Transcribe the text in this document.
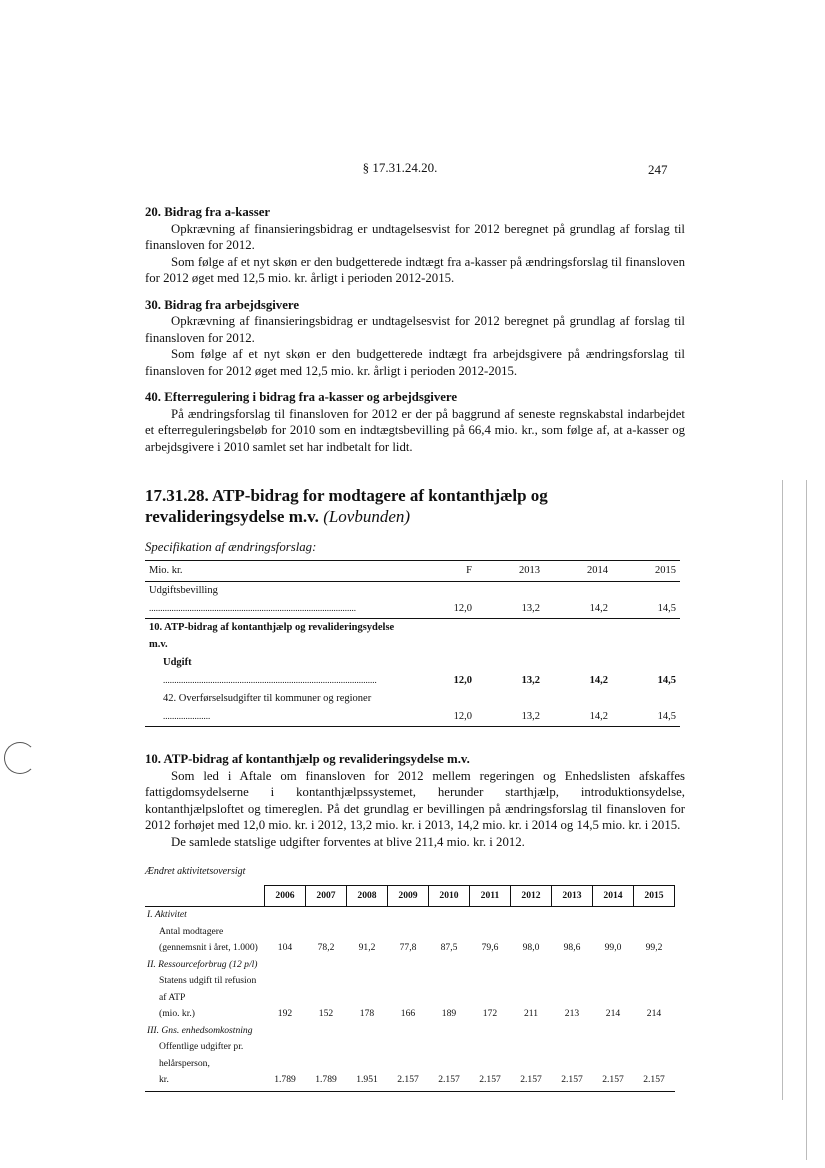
§ 17.31.24.20.	247

20. Bidrag fra a-kasser

Opkrævning af finansieringsbidrag er undtagelsesvist for 2012 beregnet på grundlag af forslag til finansloven for 2012.

Som følge af et nyt skøn er den budgetterede indtægt fra a-kasser på ændringsforslag til finansloven for 2012 øget med 12,5 mio. kr. årligt i perioden 2012-2015.

30. Bidrag fra arbejdsgivere

Opkrævning af finansieringsbidrag er undtagelsesvist for 2012 beregnet på grundlag af forslag til finansloven for 2012.

Som følge af et nyt skøn er den budgetterede indtægt fra arbejdsgivere på ændringsforslag til finansloven for 2012 øget med 12,5 mio. kr. årligt i perioden 2012-2015.

40. Efterregulering i bidrag fra a-kasser og arbejdsgivere

På ændringsforslag til finansloven for 2012 er der på baggrund af seneste regnskabstal indarbejdet et efterreguleringsbeløb for 2010 som en indtægtsbevilling på 66,4 mio. kr., som følge af, at a-kasser og arbejdsgivere i 2010 samlet set har indbetalt for lidt.

17.31.28. ATP-bidrag for modtagere af kontanthjælp og revalideringsydelse m.v. (Lovbunden)

Specifikation af ændringsforslag:
Mio. kr.	F	2013	2014	2015
Udgiftsbevilling ............................................................................................	12,0	13,2	14,2	14,5
10. ATP-bidrag af kontanthjælp og revalideringsydelse m.v.				
Udgift ...............................................................................................	12,0	13,2	14,2	14,5
42. Overførselsudgifter til kommuner og regioner .....................	12,0	13,2	14,2	14,5

10. ATP-bidrag af kontanthjælp og revalideringsydelse m.v.

Som led i Aftale om finansloven for 2012 mellem regeringen og Enhedslisten afskaffes fattigdomsydelserne i kontanthjælpssystemet, herunder starthjælp, introduktionsydelse, kontanthjælpsloftet og timereglen. På det grundlag er bevillingen på ændringsforslag til finansloven for 2012 forhøjet med 12,0 mio. kr. i 2012, 13,2 mio. kr. i 2013, 14,2 mio. kr. i 2014 og 14,5 mio. kr. i 2015.

De samlede statslige udgifter forventes at blive 211,4 mio. kr. i 2012.

Ændret aktivitetsoversigt
	2006	2007	2008	2009	2010	2011	2012	2013	2014	2015
I. Aktivitet										
Antal modtagere										
(gennemsnit i året, 1.000)	104	78,2	91,2	77,8	87,5	79,6	98,0	98,6	99,0	99,2
II. Ressourceforbrug (12 p/l)										
Statens udgift til refusion af ATP										
(mio. kr.)	192	152	178	166	189	172	211	213	214	214
III. Gns. enhedsomkostning										
Offentlige udgifter pr. helårsperson,										
kr.	1.789	1.789	1.951	2.157	2.157	2.157	2.157	2.157	2.157	2.157
